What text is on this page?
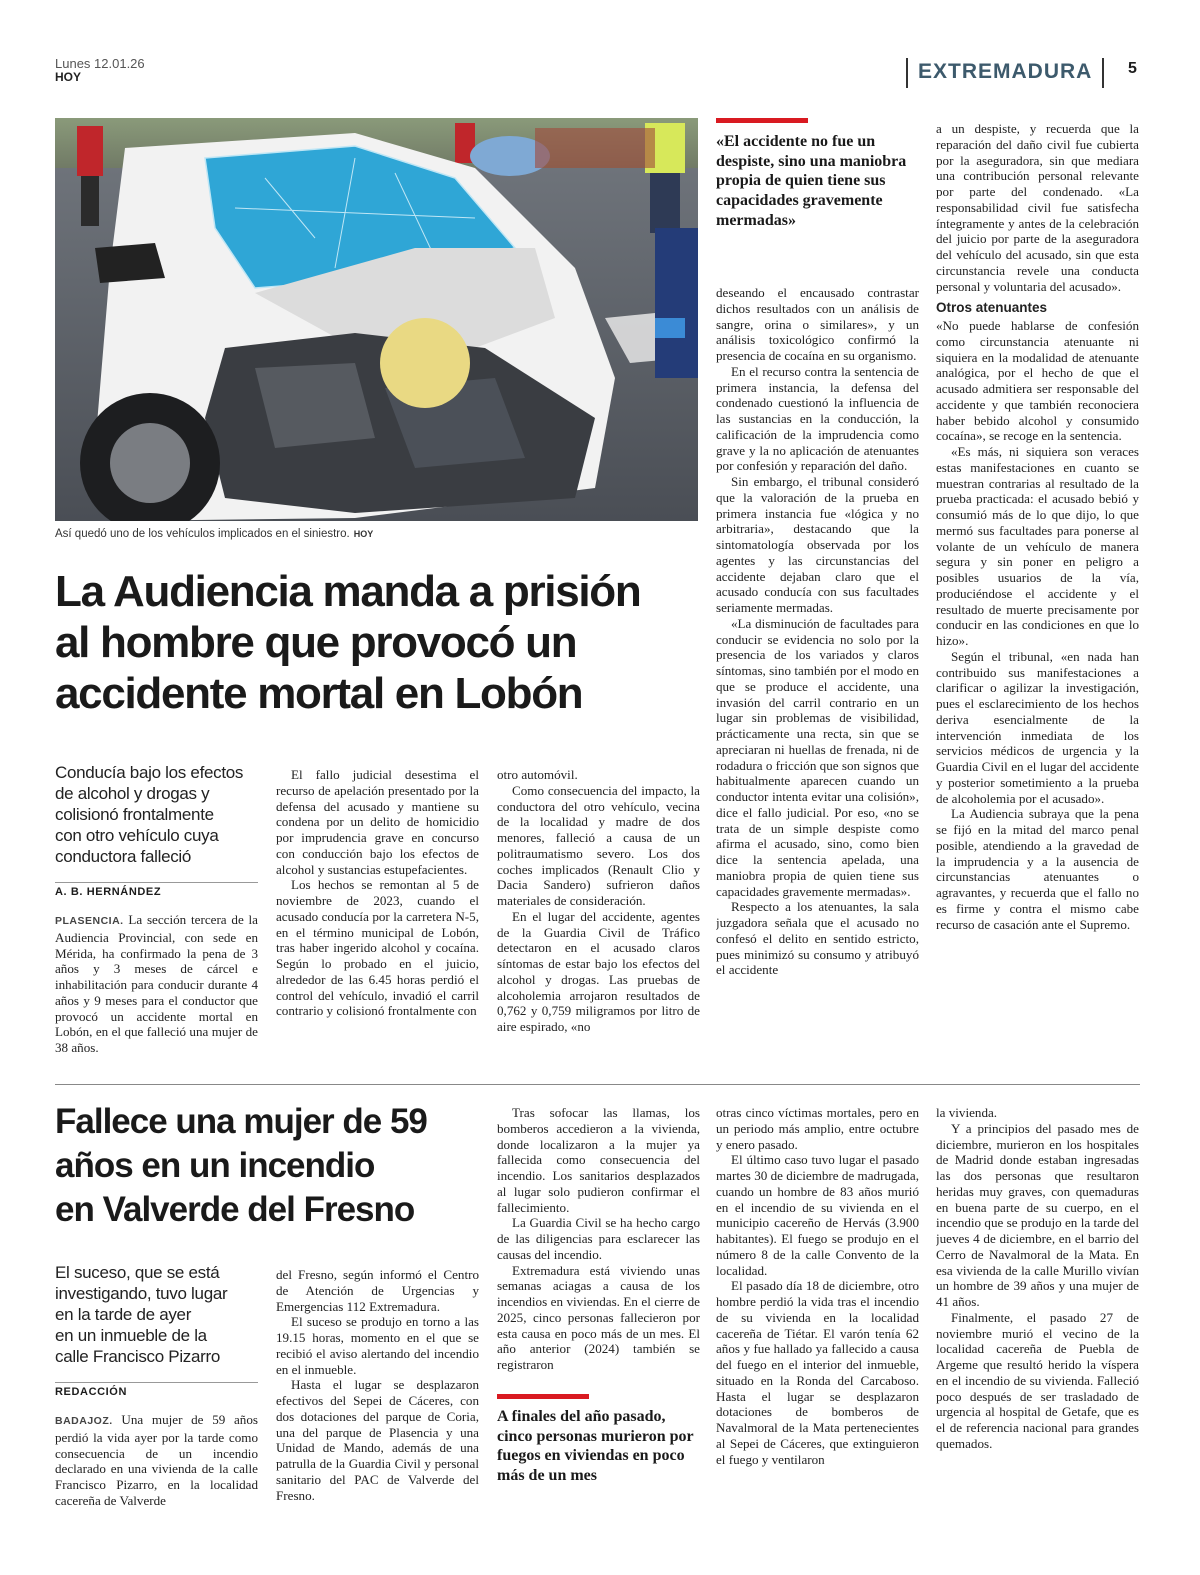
Lunes 12.01.26
HOY	EXTREMADURA	5
Así quedó uno de los vehículos implicados en el siniestro. HOY
La Audiencia manda a prisión
al hombre que provocó un
accidente mortal en Lobón
Conducía bajo los efectos
de alcohol y drogas y
colisionó frontalmente
con otro vehículo cuya
conductora falleció
A. B. HERNÁNDEZ

PLASENCIA. La sección tercera de la Audiencia Provincial, con sede en Mérida, ha confirmado la pena de 3 años y 3 meses de cárcel e inhabilitación para conducir durante 4 años y 9 meses para el conductor que provocó un accidente mortal en Lobón, en el que falleció una mujer de 38 años.

El fallo judicial desestima el recurso de apelación presentado por la defensa del acusado y mantiene su condena por un delito de homicidio por imprudencia grave en concurso con conducción bajo los efectos de alcohol y sustancias estupefacientes.

Los hechos se remontan al 5 de noviembre de 2023, cuando el acusado conducía por la carretera N-5, en el término municipal de Lobón, tras haber ingerido alcohol y cocaína. Según lo probado en el juicio, alrededor de las 6.45 horas perdió el control del vehículo, invadió el carril contrario y colisionó frontalmente con

otro automóvil.

Como consecuencia del impacto, la conductora del otro vehículo, vecina de la localidad y madre de dos menores, falleció a causa de un politraumatismo severo. Los dos coches implicados (Renault Clio y Dacia Sandero) sufrieron daños materiales de consideración.

En el lugar del accidente, agentes de la Guardia Civil de Tráfico detectaron en el acusado claros síntomas de estar bajo los efectos del alcohol y drogas. Las pruebas de alcoholemia arrojaron resultados de 0,762 y 0,759 miligramos por litro de aire espirado, «no

«El accidente no fue un despiste, sino una maniobra propia de quien tiene sus capacidades gravemente mermadas»

deseando el encausado contrastar dichos resultados con un análisis de sangre, orina o similares», y un análisis toxicológico confirmó la presencia de cocaína en su organismo.

En el recurso contra la sentencia de primera instancia, la defensa del condenado cuestionó la influencia de las sustancias en la conducción, la calificación de la imprudencia como grave y la no aplicación de atenuantes por confesión y reparación del daño.

Sin embargo, el tribunal consideró que la valoración de la prueba en primera instancia fue «lógica y no arbitraria», destacando que la sintomatología observada por los agentes y las circunstancias del accidente dejaban claro que el acusado conducía con sus facultades seriamente mermadas.

«La disminución de facultades para conducir se evidencia no solo por la presencia de los variados y claros síntomas, sino también por el modo en que se produce el accidente, una invasión del carril contrario en un lugar sin problemas de visibilidad, prácticamente una recta, sin que se apreciaran ni huellas de frenada, ni de rodadura o fricción que son signos que habitualmente aparecen cuando un conductor intenta evitar una colisión», dice el fallo judicial. Por eso, «no se trata de un simple despiste como afirma el acusado, sino, como bien dice la sentencia apelada, una maniobra propia de quien tiene sus capacidades gravemente mermadas».

Respecto a los atenuantes, la sala juzgadora señala que el acusado no confesó el delito en sentido estricto, pues minimizó su consumo y atribuyó el accidente

a un despiste, y recuerda que la reparación del daño civil fue cubierta por la aseguradora, sin que mediara una contribución personal relevante por parte del condenado. «La responsabilidad civil fue satisfecha íntegramente y antes de la celebración del juicio por parte de la aseguradora del vehículo del acusado, sin que esta circunstancia revele una conducta personal y voluntaria del acusado».

Otros atenuantes

«No puede hablarse de confesión como circunstancia atenuante ni siquiera en la modalidad de atenuante analógica, por el hecho de que el acusado admitiera ser responsable del accidente y que también reconociera haber bebido alcohol y consumido cocaína», se recoge en la sentencia.

«Es más, ni siquiera son veraces estas manifestaciones en cuanto se muestran contrarias al resultado de la prueba practicada: el acusado bebió y consumió más de lo que dijo, lo que mermó sus facultades para ponerse al volante de un vehículo de manera segura y sin poner en peligro a posibles usuarios de la vía, produciéndose el accidente y el resultado de muerte precisamente por conducir en las condiciones en que lo hizo».

Según el tribunal, «en nada han contribuido sus manifestaciones a clarificar o agilizar la investigación, pues el esclarecimiento de los hechos deriva esencialmente de la intervención inmediata de los servicios médicos de urgencia y la Guardia Civil en el lugar del accidente y posterior sometimiento a la prueba de alcoholemia por el acusado».

La Audiencia subraya que la pena se fijó en la mitad del marco penal posible, atendiendo a la gravedad de la imprudencia y a la ausencia de circunstancias atenuantes o agravantes, y recuerda que el fallo no es firme y contra el mismo cabe recurso de casación ante el Supremo.

Fallece una mujer de 59
años en un incendio
en Valverde del Fresno
El suceso, que se está
investigando, tuvo lugar
en la tarde de ayer
en un inmueble de la
calle Francisco Pizarro
REDACCIÓN

BADAJOZ. Una mujer de 59 años perdió la vida ayer por la tarde como consecuencia de un incendio declarado en una vivienda de la calle Francisco Pizarro, en la localidad cacereña de Valverde

del Fresno, según informó el Centro de Atención de Urgencias y Emergencias 112 Extremadura.

El suceso se produjo en torno a las 19.15 horas, momento en el que se recibió el aviso alertando del incendio en el inmueble.

Hasta el lugar se desplazaron efectivos del Sepei de Cáceres, con dos dotaciones del parque de Coria, una del parque de Plasencia y una Unidad de Mando, además de una patrulla de la Guardia Civil y personal sanitario del PAC de Valverde del Fresno.

Tras sofocar las llamas, los bomberos accedieron a la vivienda, donde localizaron a la mujer ya fallecida como consecuencia del incendio. Los sanitarios desplazados al lugar solo pudieron confirmar el fallecimiento.

La Guardia Civil se ha hecho cargo de las diligencias para esclarecer las causas del incendio.

Extremadura está viviendo unas semanas aciagas a causa de los incendios en viviendas. En el cierre de 2025, cinco personas fallecieron por esta causa en poco más de un mes. El año anterior (2024) también se registraron

A finales del año pasado, cinco personas murieron por fuegos en viviendas en poco más de un mes

otras cinco víctimas mortales, pero en un periodo más amplio, entre octubre y enero pasado.

El último caso tuvo lugar el pasado martes 30 de diciembre de madrugada, cuando un hombre de 83 años murió en el incendio de su vivienda en el municipio cacereño de Hervás (3.900 habitantes). El fuego se produjo en el número 8 de la calle Convento de la localidad.

El pasado día 18 de diciembre, otro hombre perdió la vida tras el incendio de su vivienda en la localidad cacereña de Tiétar. El varón tenía 62 años y fue hallado ya fallecido a causa del fuego en el interior del inmueble, situado en la Ronda del Carcaboso. Hasta el lugar se desplazaron dotaciones de bomberos de Navalmoral de la Mata pertenecientes al Sepei de Cáceres, que extinguieron el fuego y ventilaron

la vivienda.

Y a principios del pasado mes de diciembre, murieron en los hospitales de Madrid donde estaban ingresadas las dos personas que resultaron heridas muy graves, con quemaduras en buena parte de su cuerpo, en el incendio que se produjo en la tarde del jueves 4 de diciembre, en el barrio del Cerro de Navalmoral de la Mata. En esa vivienda de la calle Murillo vivían un hombre de 39 años y una mujer de 41 años.

Finalmente, el pasado 27 de noviembre murió el vecino de la localidad cacereña de Puebla de Argeme que resultó herido la víspera en el incendio de su vivienda. Falleció poco después de ser trasladado de urgencia al hospital de Getafe, que es el de referencia nacional para grandes quemados.
